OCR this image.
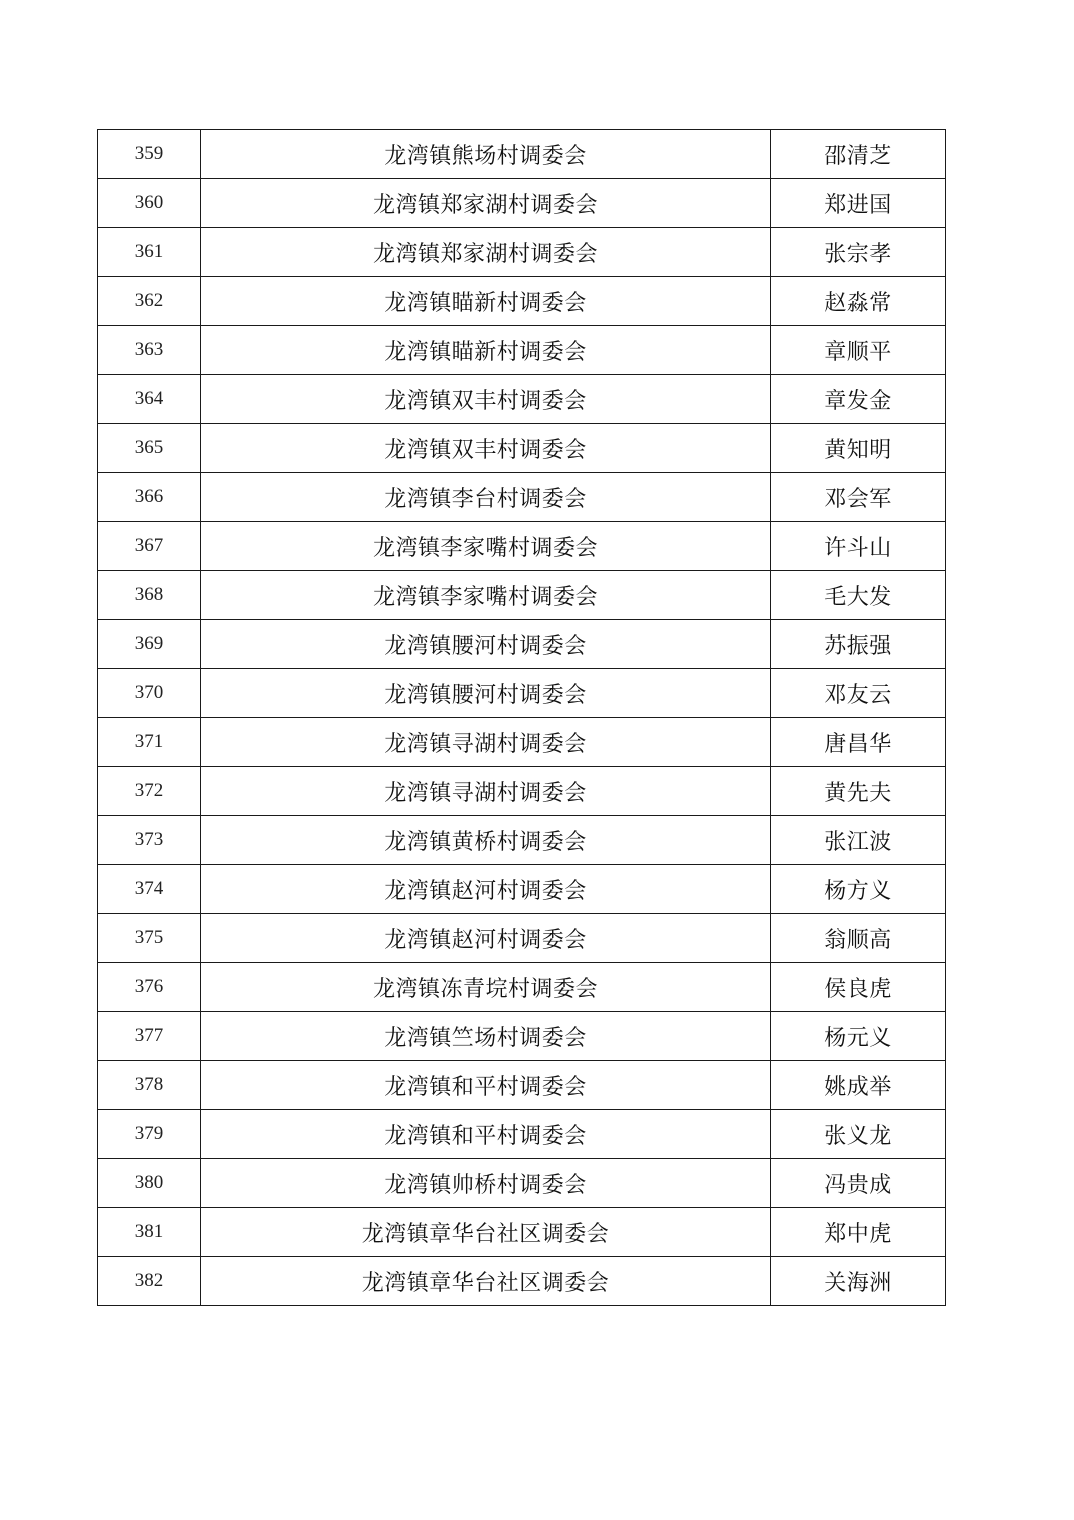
359	龙湾镇熊场村调委会	邵清芝
360	龙湾镇郑家湖村调委会	郑进国
361	龙湾镇郑家湖村调委会	张宗孝
362	龙湾镇瞄新村调委会	赵淼常
363	龙湾镇瞄新村调委会	章顺平
364	龙湾镇双丰村调委会	章发金
365	龙湾镇双丰村调委会	黄知明
366	龙湾镇李台村调委会	邓会军
367	龙湾镇李家嘴村调委会	许斗山
368	龙湾镇李家嘴村调委会	毛大发
369	龙湾镇腰河村调委会	苏振强
370	龙湾镇腰河村调委会	邓友云
371	龙湾镇寻湖村调委会	唐昌华
372	龙湾镇寻湖村调委会	黄先夫
373	龙湾镇黄桥村调委会	张江波
374	龙湾镇赵河村调委会	杨方义
375	龙湾镇赵河村调委会	翁顺高
376	龙湾镇冻青垸村调委会	侯良虎
377	龙湾镇竺场村调委会	杨元义
378	龙湾镇和平村调委会	姚成举
379	龙湾镇和平村调委会	张义龙
380	龙湾镇帅桥村调委会	冯贵成
381	龙湾镇章华台社区调委会	郑中虎
382	龙湾镇章华台社区调委会	关海洲
